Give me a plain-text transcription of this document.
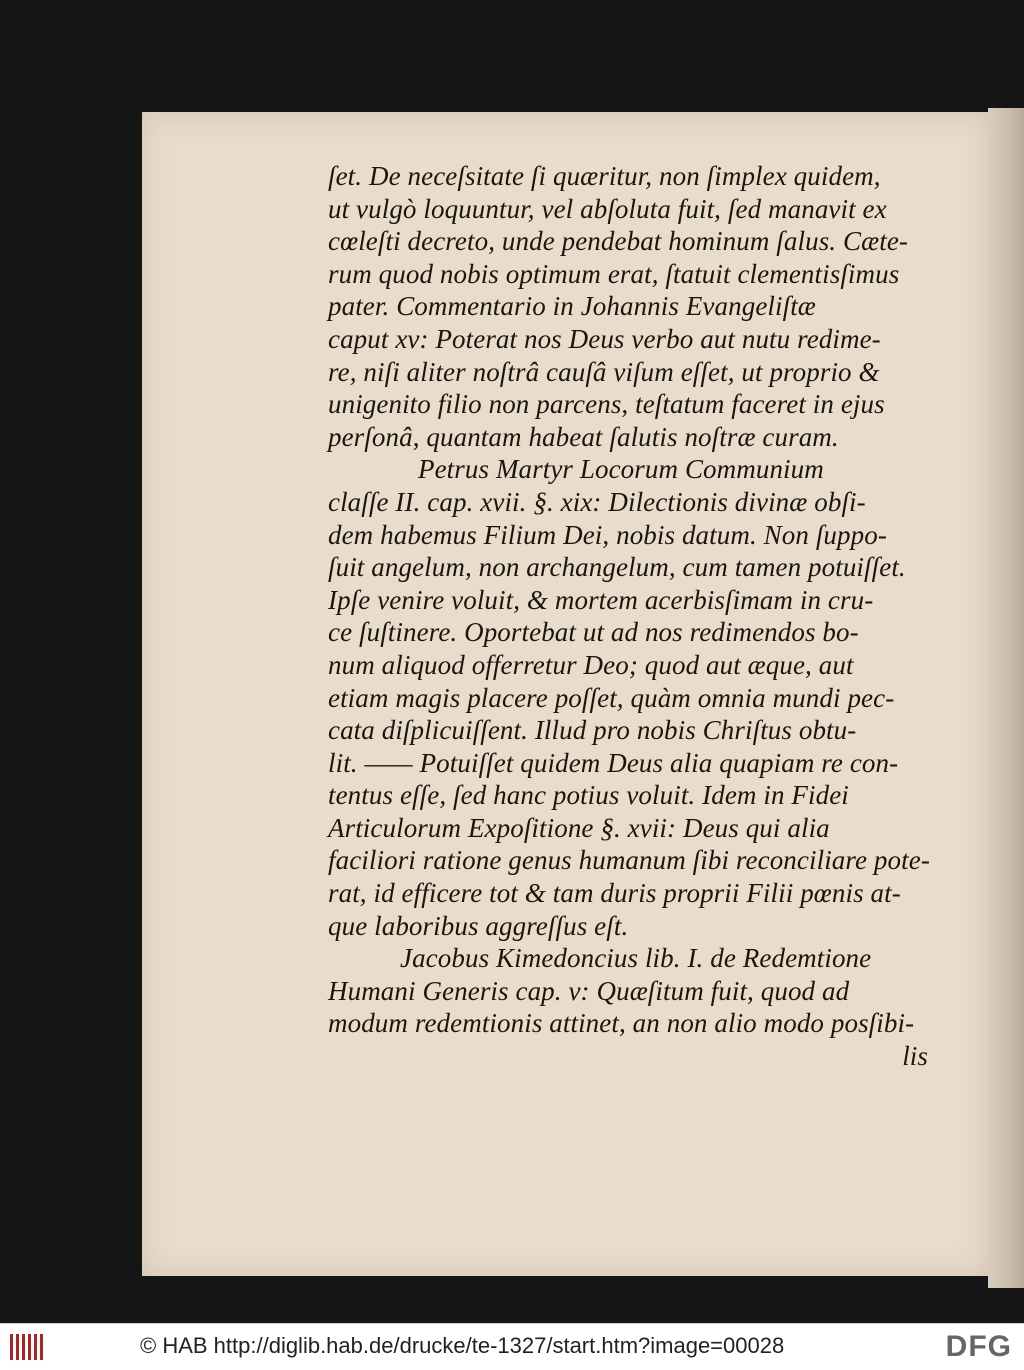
ſet. De neceſsitate ſi quæritur, non ſimplex quidem,
ut vulgò loquuntur, vel abſoluta fuit, ſed manavit ex
cœleſti decreto, unde pendebat hominum ſalus. Cæte-
rum quod nobis optimum erat, ſtatuit clementisſimus
pater. Commentario in Johannis Evangeliſtæ
caput xv: Poterat nos Deus verbo aut nutu redime-
re, niſi aliter noſtrâ cauſâ viſum eſſet, ut proprio &
unigenito filio non parcens, teſtatum faceret in ejus
perſonâ, quantam habeat ſalutis noſtræ curam.
Petrus Martyr Locorum Communium
claſſe II. cap. xvii. §. xix: Dilectionis divinæ obſi-
dem habemus Filium Dei, nobis datum. Non ſuppo-
ſuit angelum, non archangelum, cum tamen potuiſſet.
Ipſe venire voluit, & mortem acerbisſimam in cru-
ce ſuſtinere. Oportebat ut ad nos redimendos bo-
num aliquod offerretur Deo; quod aut æque, aut
etiam magis placere poſſet, quàm omnia mundi pec-
cata diſplicuiſſent. Illud pro nobis Chriſtus obtu-
lit. —— Potuiſſet quidem Deus alia quapiam re con-
tentus eſſe, ſed hanc potius voluit. Idem in Fidei
Articulorum Expoſitione §. xvii: Deus qui alia
faciliori ratione genus humanum ſibi reconciliare pote-
rat, id efficere tot & tam duris proprii Filii pœnis at-
que laboribus aggreſſus eſt.
Jacobus Kimedoncius lib. I. de Redemtione
Humani Generis cap. v: Quæſitum fuit, quod ad
modum redemtionis attinet, an non alio modo posſibi-
lis
© HAB http://diglib.hab.de/drucke/te-1327/start.htm?image=00028	DFG
